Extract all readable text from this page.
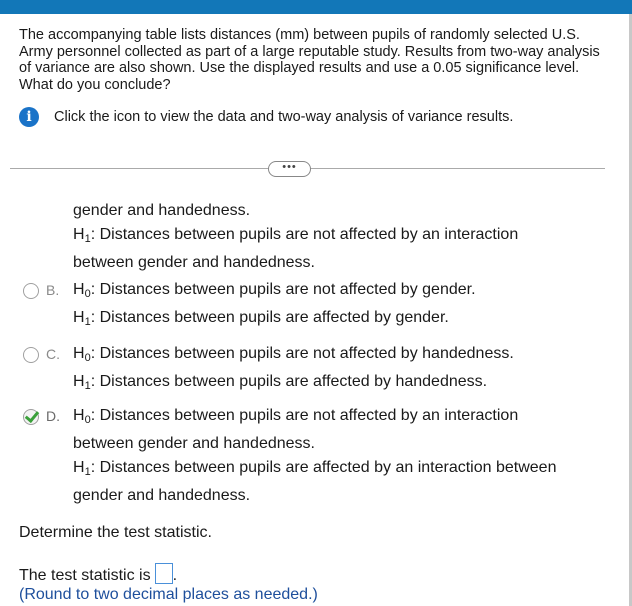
The accompanying table lists distances (mm) between pupils of randomly selected U.S. Army personnel collected as part of a large reputable study. Results from two-way analysis of variance are also shown. Use the displayed results and use a 0.05 significance level. What do you conclude?
i	Click the icon to view the data and two-way analysis of variance results.
•••
gender and handedness.
$H_1$: Distances between pupils are not affected by an interaction
between gender and handedness.
B. $H_0$: Distances between pupils are not affected by gender.
$H_1$: Distances between pupils are affected by gender.
C. $H_0$: Distances between pupils are not affected by handedness.
$H_1$: Distances between pupils are affected by handedness.
D. $H_0$: Distances between pupils are not affected by an interaction
between gender and handedness.
$H_1$: Distances between pupils are affected by an interaction between
gender and handedness.
Determine the test statistic.
The test statistic is .
(Round to two decimal places as needed.)
